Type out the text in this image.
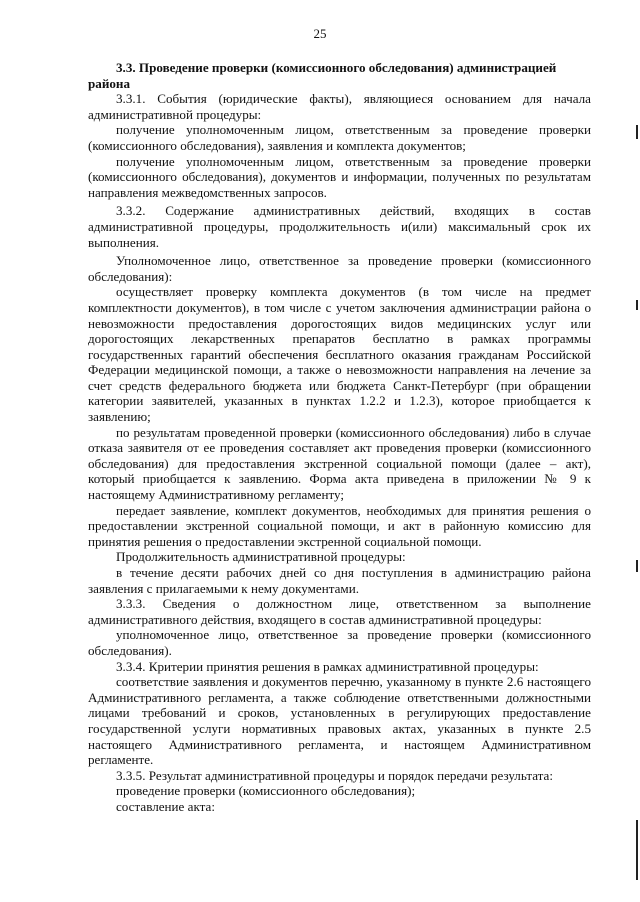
25
3.3. Проведение проверки (комиссионного обследования) администрацией района

3.3.1. События (юридические факты), являющиеся основанием для начала административной процедуры:

получение уполномоченным лицом, ответственным за проведение проверки (комиссионного обследования), заявления и комплекта документов;

получение уполномоченным лицом, ответственным за проведение проверки (комиссионного обследования), документов и информации, полученных по результатам направления межведомственных запросов.

3.3.2. Содержание административных действий, входящих в состав административной процедуры, продолжительность и(или) максимальный срок их выполнения.

Уполномоченное лицо, ответственное за проведение проверки (комиссионного обследования):

осуществляет проверку комплекта документов (в том числе на предмет комплектности документов), в том числе с учетом заключения администрации района о невозможности предоставления дорогостоящих видов медицинских услуг или дорогостоящих лекарственных препаратов бесплатно в рамках программы государственных гарантий обеспечения бесплатного оказания гражданам Российской Федерации медицинской помощи, а также о невозможности направления на лечение за счет средств федерального бюджета или бюджета Санкт-Петербург (при обращении категории заявителей, указанных в пунктах 1.2.2 и 1.2.3), которое приобщается к заявлению;

по результатам проведенной проверки (комиссионного обследования) либо в случае отказа заявителя от ее проведения составляет акт проведения проверки (комиссионного обследования) для предоставления экстренной социальной помощи (далее – акт), который приобщается к заявлению. Форма акта приведена в приложении № 9 к настоящему Административному регламенту;

передает заявление, комплект документов, необходимых для принятия решения о предоставлении экстренной социальной помощи, и акт в районную комиссию для принятия решения о предоставлении экстренной социальной помощи.

Продолжительность административной процедуры:

в течение десяти рабочих дней со дня поступления в администрацию района заявления с прилагаемыми к нему документами.

3.3.3. Сведения о должностном лице, ответственном за выполнение административного действия, входящего в состав административной процедуры:

уполномоченное лицо, ответственное за проведение проверки (комиссионного обследования).

3.3.4. Критерии принятия решения в рамках административной процедуры:

соответствие заявления и документов перечню, указанному в пункте 2.6 настоящего Административного регламента, а также соблюдение ответственными должностными лицами требований и сроков, установленных в регулирующих предоставление государственной услуги нормативных правовых актах, указанных в пункте 2.5 настоящего Административного регламента, и настоящем Административном регламенте.

3.3.5. Результат административной процедуры и порядок передачи результата:

проведение проверки (комиссионного обследования);

составление акта:
